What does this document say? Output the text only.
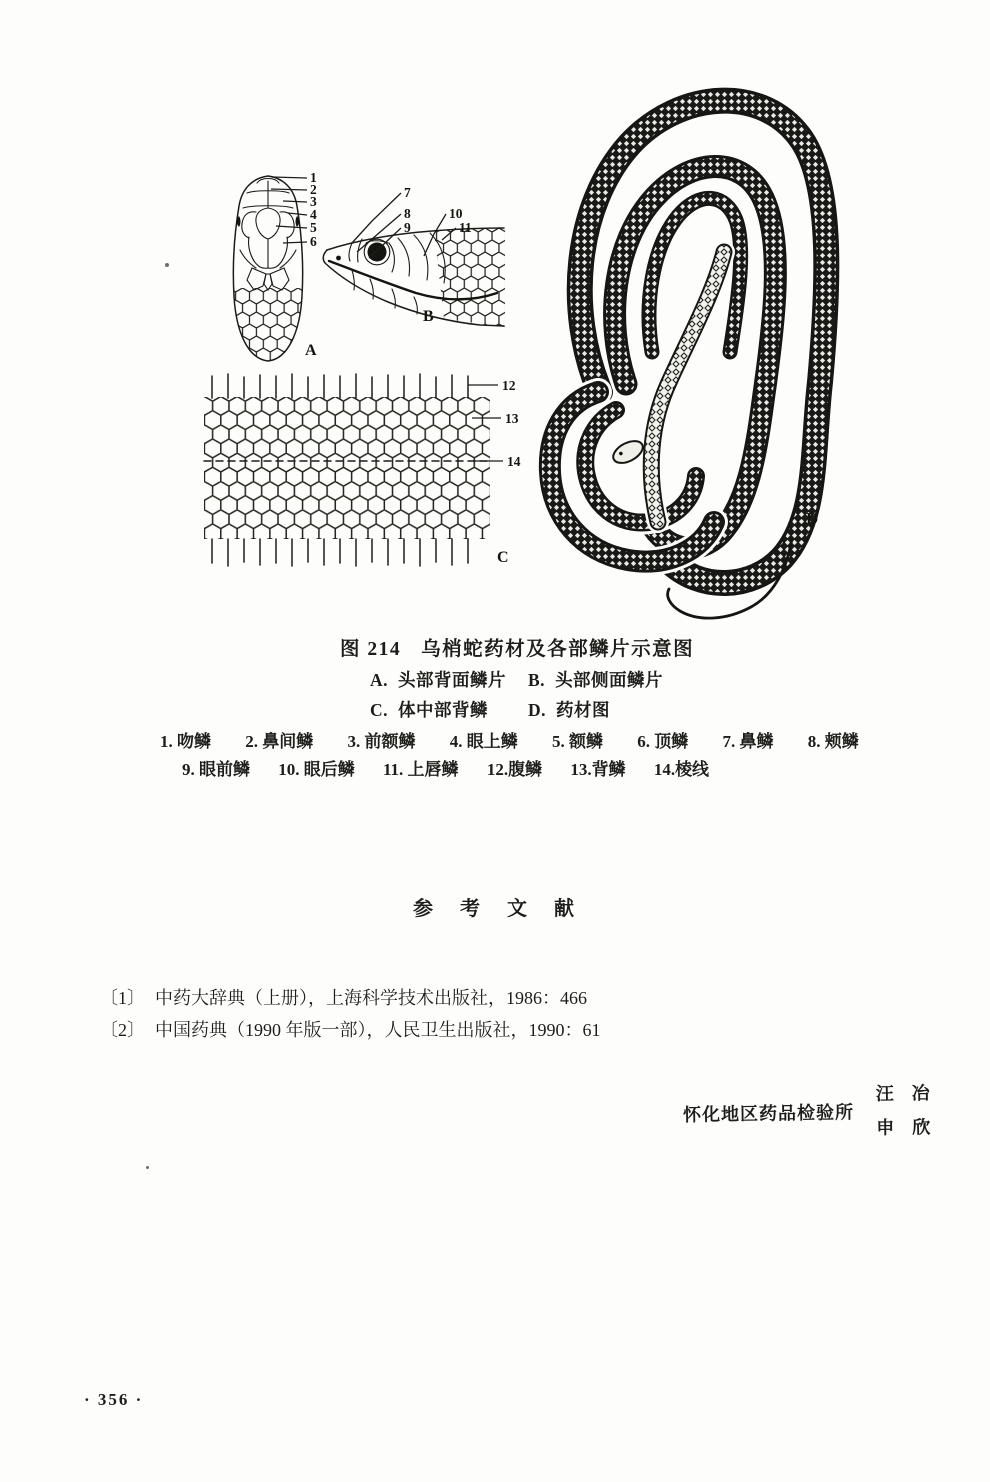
1
2
3
4
5
6
A
7
8
9
10
11
B
12
13
14
C
D
图 214 乌梢蛇药材及各部鳞片示意图
A. 头部背面鳞片 B. 头部侧面鳞片
C. 体中部背鳞 D. 药材图
1. 吻鳞 2. 鼻间鳞 3. 前额鳞 4. 眼上鳞 5. 额鳞 6. 顶鳞 7. 鼻鳞 8. 颊鳞
9. 眼前鳞 10. 眼后鳞 11. 上唇鳞 12.腹鳞 13.背鳞 14.棱线
参 考 文 献
〔1〕 中药大辞典（上册），上海科学技术出版社，1986：466
〔2〕 中国药典（1990 年版一部），人民卫生出版社，1990：61
怀化地区药品检验所
汪　冶
申　欣
· 356 ·
